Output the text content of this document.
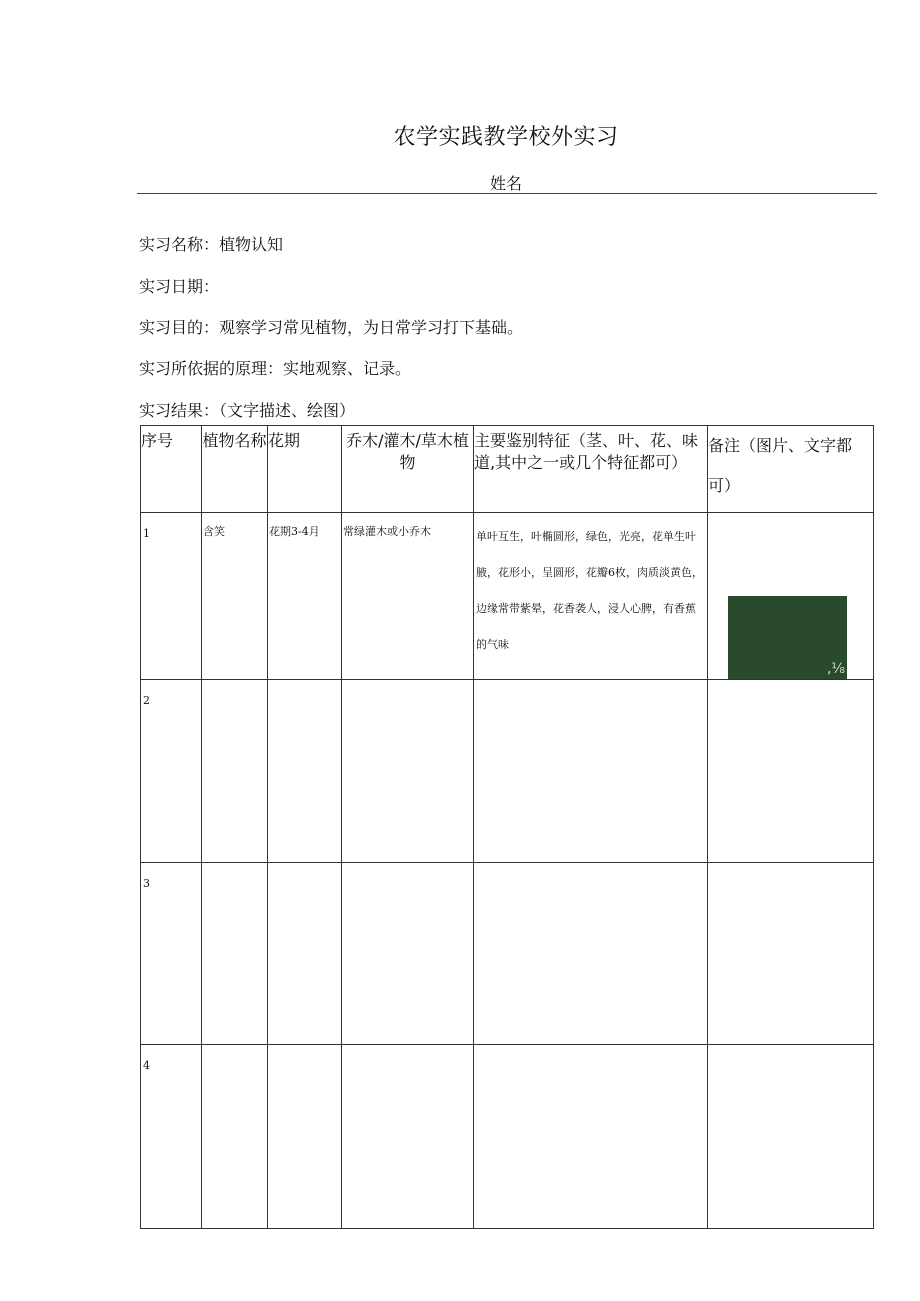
农学实践教学校外实习
姓名
实习名称：植物认知
实习日期：
实习目的：观察学习常见植物，为日常学习打下基础。
实习所依据的原理：实地观察、记录。
实习结果：（文字描述、绘图）
序号	植物名称	花期	乔木/灌木/草木植物	主要鉴别特征（茎、叶、花、味道,其中之一或几个特征都可）	备注（图片、文字都可）
1	含笑	花期3-4月	常绿灌木或小乔木	单叶互生，叶椭圆形，绿色，光亮，花单生叶腋，花形小，呈圆形，花瓣6枚，肉质淡黄色，边缘常带紫晕，花香袭人，浸人心脾，有香蕉的气味	,⅛

2					
3					
4					
